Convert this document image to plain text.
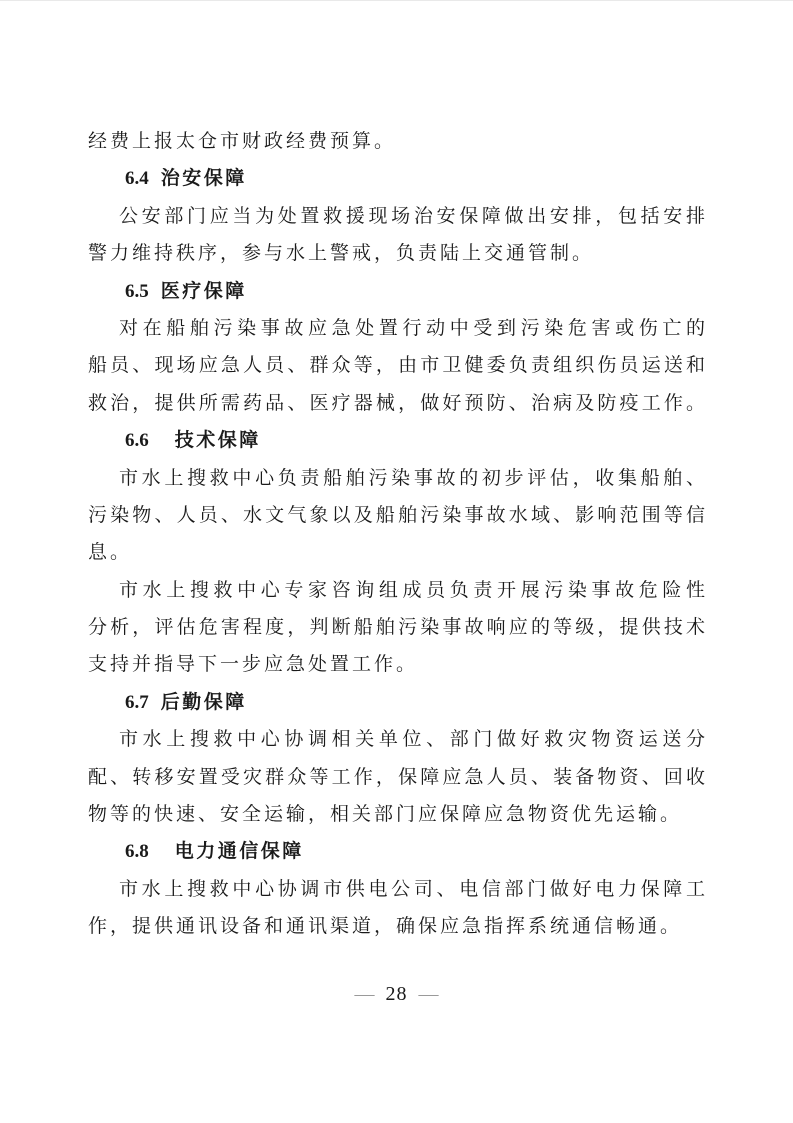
经费上报太仓市财政经费预算。
6.4 治安保障
公安部门应当为处置救援现场治安保障做出安排，包括安排
警力维持秩序，参与水上警戒，负责陆上交通管制。
6.5 医疗保障
对在船舶污染事故应急处置行动中受到污染危害或伤亡的
船员、现场应急人员、群众等，由市卫健委负责组织伤员运送和
救治，提供所需药品、医疗器械，做好预防、治病及防疫工作。
6.6 技术保障
市水上搜救中心负责船舶污染事故的初步评估，收集船舶、
污染物、人员、水文气象以及船舶污染事故水域、影响范围等信
息。
市水上搜救中心专家咨询组成员负责开展污染事故危险性
分析，评估危害程度，判断船舶污染事故响应的等级，提供技术
支持并指导下一步应急处置工作。
6.7 后勤保障
市水上搜救中心协调相关单位、部门做好救灾物资运送分
配、转移安置受灾群众等工作，保障应急人员、装备物资、回收
物等的快速、安全运输，相关部门应保障应急物资优先运输。
6.8 电力通信保障
市水上搜救中心协调市供电公司、电信部门做好电力保障工
作，提供通讯设备和通讯渠道，确保应急指挥系统通信畅通。
— 28 —
